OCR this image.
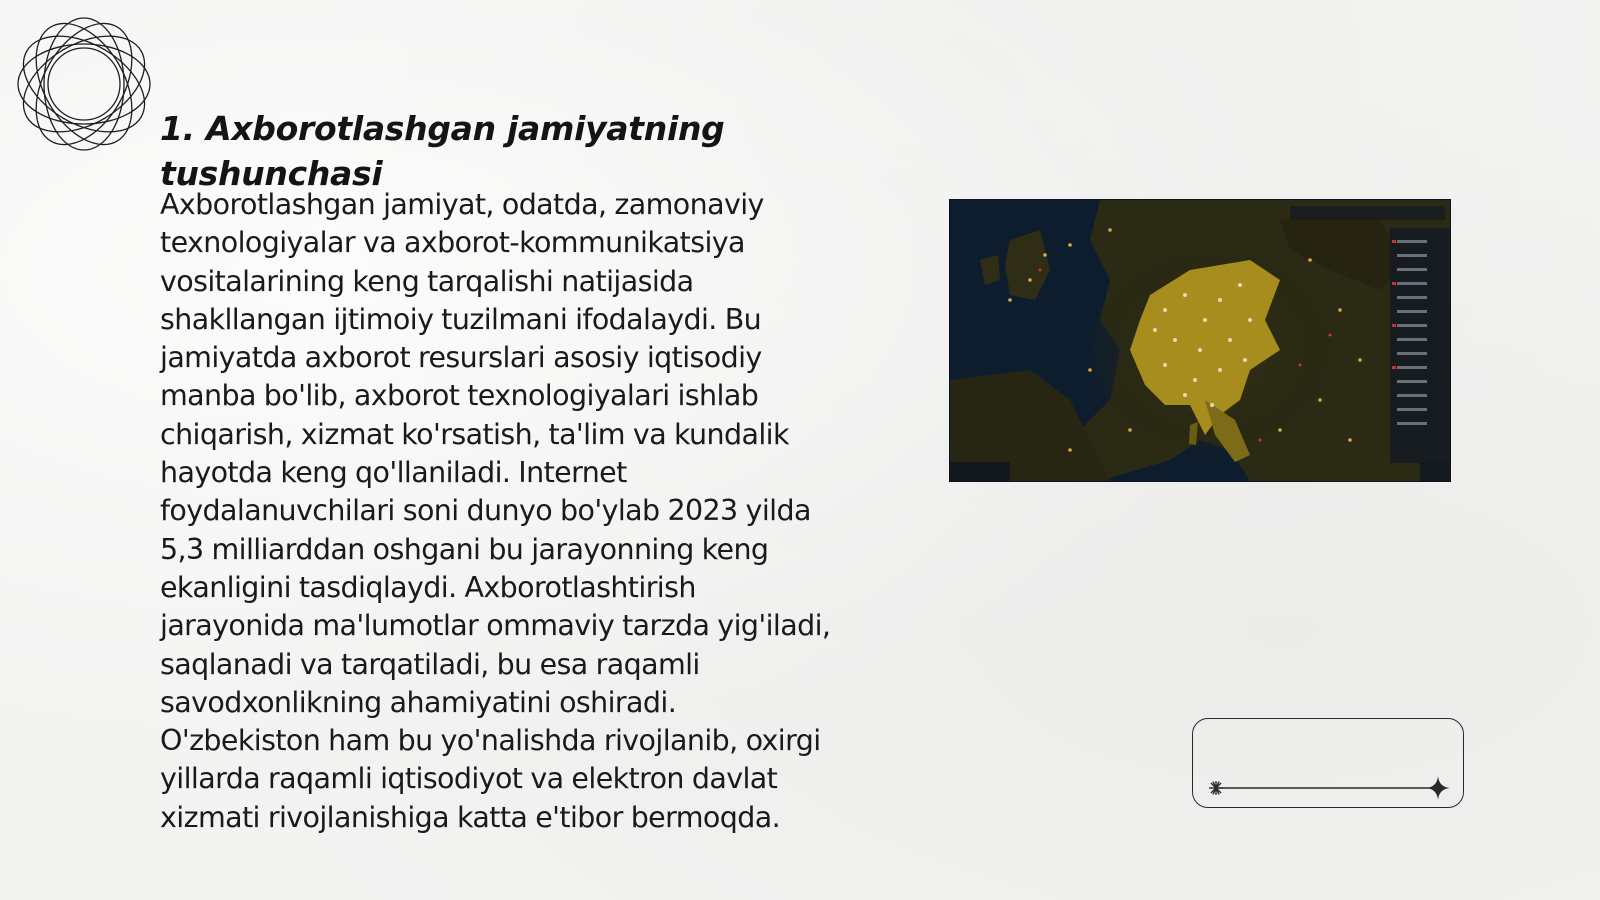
1. Axborotlashgan jamiyatning tushunchasi

Axborotlashgan jamiyat, odatda, zamonaviy texnologiyalar va axborot-kommunikatsiya vositalarining keng tarqalishi natijasida shakllangan ijtimoiy tuzilmani ifodalaydi. Bu jamiyatda axborot resurslari asosiy iqtisodiy manba bo'lib, axborot texnologiyalari ishlab chiqarish, xizmat ko'rsatish, ta'lim va kundalik hayotda keng qo'llaniladi. Internet foydalanuvchilari soni dunyo bo'ylab 2023 yilda 5,3 milliarddan oshgani bu jarayonning keng ekanligini tasdiqlaydi. Axborotlashtirish jarayonida ma'lumotlar ommaviy tarzda yig'iladi, saqlanadi va tarqatiladi, bu esa raqamli savodxonlikning ahamiyatini oshiradi. O'zbekiston ham bu yo'nalishda rivojlanib, oxirgi yillarda raqamli iqtisodiyot va elektron davlat xizmati rivojlanishiga katta e'tibor bermoqda.
